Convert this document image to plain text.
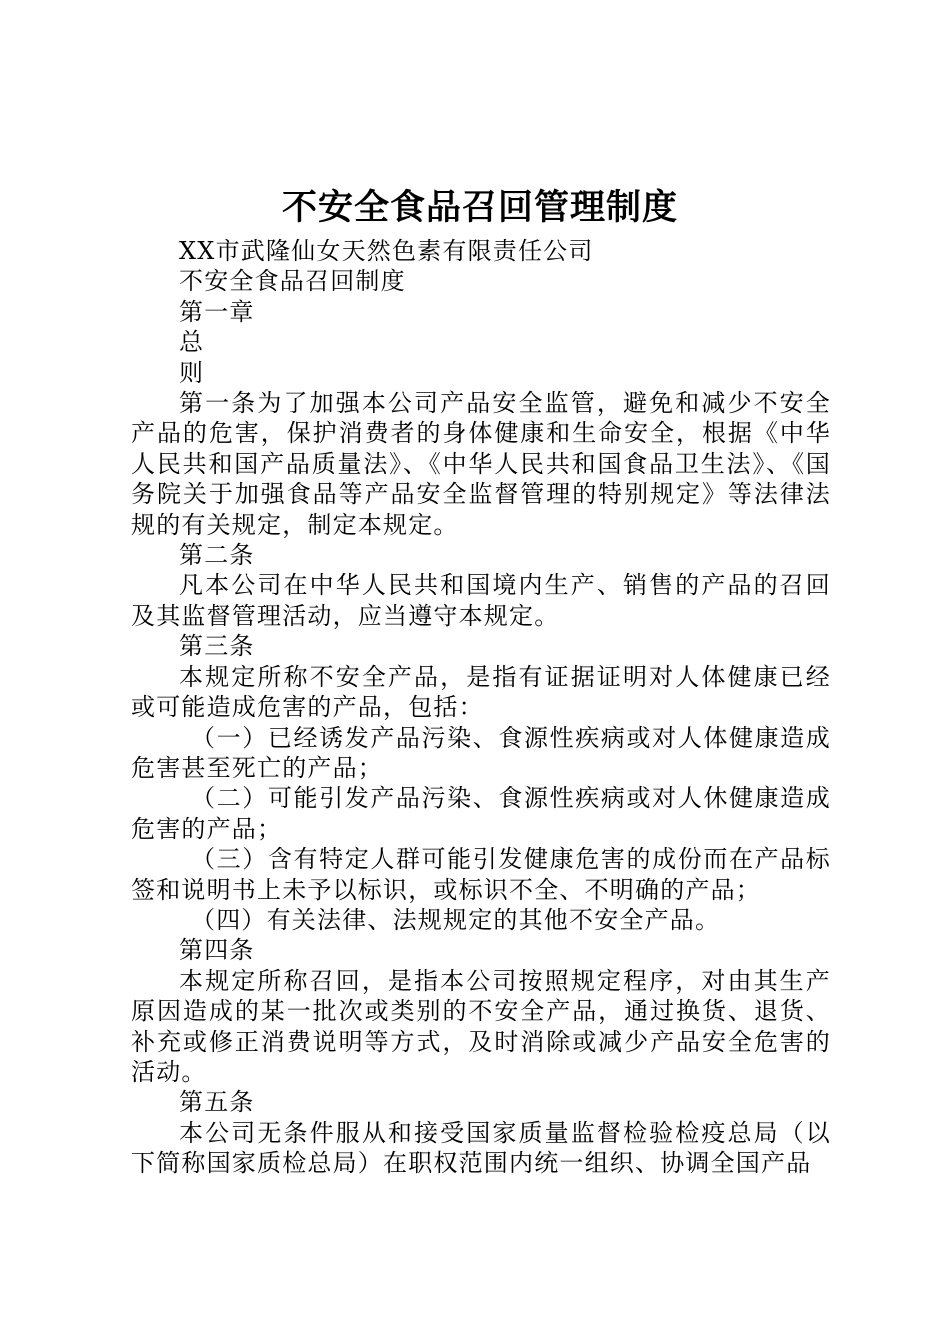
不安全食品召回管理制度

XX市武隆仙女天然色素有限责任公司

不安全食品召回制度

第一章

总

则

第一条为了加强本公司产品安全监管，避免和减少不安全产品的危害，保护消费者的身体健康和生命安全，根据《中华人民共和国产品质量法》、《中华人民共和国食品卫生法》、《国务院关于加强食品等产品安全监督管理的特别规定》等法律法规的有关规定，制定本规定。

第二条

凡本公司在中华人民共和国境内生产、销售的产品的召回及其监督管理活动，应当遵守本规定。

第三条

本规定所称不安全产品，是指有证据证明对人体健康已经或可能造成危害的产品，包括：

（一）已经诱发产品污染、食源性疾病或对人体健康造成危害甚至死亡的产品；

（二）可能引发产品污染、食源性疾病或对人休健康造成危害的产品；

（三）含有特定人群可能引发健康危害的成份而在产品标签和说明书上未予以标识，或标识不全、不明确的产品；

（四）有关法律、法规规定的其他不安全产品。

第四条

本规定所称召回，是指本公司按照规定程序，对由其生产原因造成的某一批次或类别的不安全产品，通过换货、退货、补充或修正消费说明等方式，及时消除或减少产品安全危害的活动。

第五条

本公司无条件服从和接受国家质量监督检验检疫总局（以下简称国家质检总局）在职权范围内统一组织、协调全国产品
